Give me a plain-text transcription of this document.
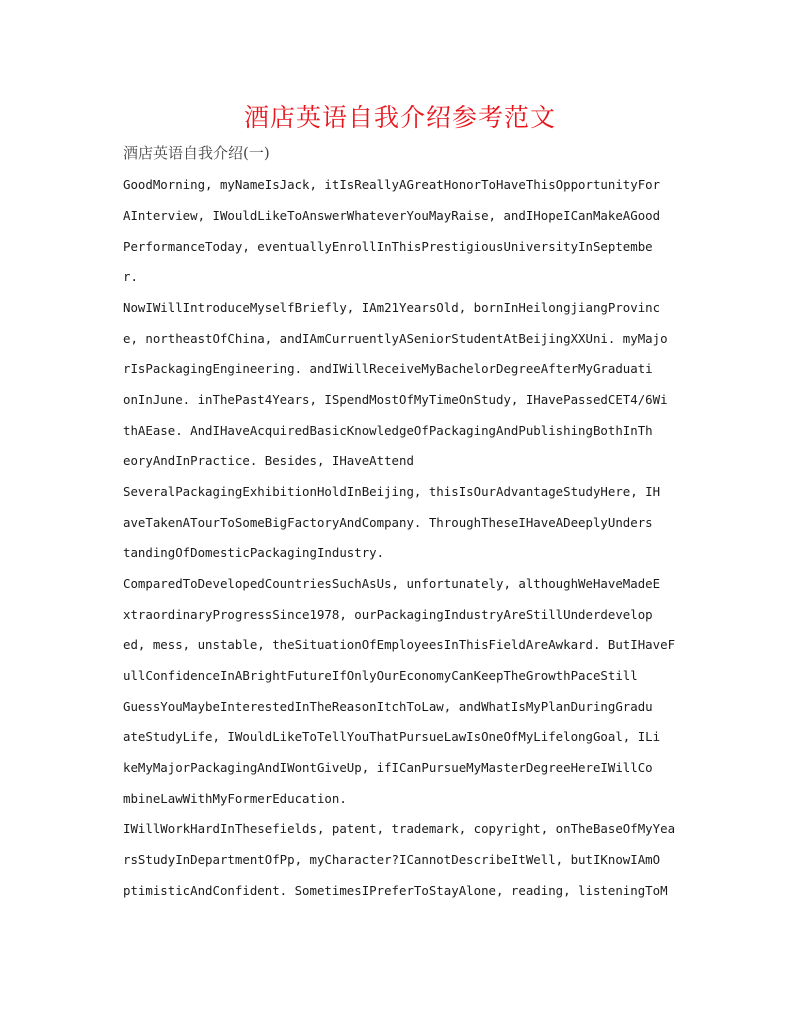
酒店英语自我介绍参考范文
酒店英语自我介绍(一)
GoodMorning, myNameIsJack, itIsReallyAGreatHonorToHaveThisOpportunityFor
AInterview, IWouldLikeToAnswerWhateverYouMayRaise, andIHopeICanMakeAGood
PerformanceToday, eventuallyEnrollInThisPrestigiousUniversityInSeptembe
r.
NowIWillIntroduceMyselfBriefly, IAm21YearsOld, bornInHeilongjiangProvinc
e, northeastOfChina, andIAmCurruentlyASeniorStudentAtBeijingXXUni. myMajo
rIsPackagingEngineering. andIWillReceiveMyBachelorDegreeAfterMyGraduati
onInJune. inThePast4Years, ISpendMostOfMyTimeOnStudy, IHavePassedCET4/6Wi
thAEase. AndIHaveAcquiredBasicKnowledgeOfPackagingAndPublishingBothInTh
eoryAndInPractice. Besides, IHaveAttend
SeveralPackagingExhibitionHoldInBeijing, thisIsOurAdvantageStudyHere, IH
aveTakenATourToSomeBigFactoryAndCompany. ThroughTheseIHaveADeeplyUnders
tandingOfDomesticPackagingIndustry.
ComparedToDevelopedCountriesSuchAsUs, unfortunately, althoughWeHaveMadeE
xtraordinaryProgressSince1978, ourPackagingIndustryAreStillUnderdevelop
ed, mess, unstable, theSituationOfEmployeesInThisFieldAreAwkard. ButIHaveF
ullConfidenceInABrightFutureIfOnlyOurEconomyCanKeepTheGrowthPaceStill
GuessYouMaybeInterestedInTheReasonItchToLaw, andWhatIsMyPlanDuringGradu
ateStudyLife, IWouldLikeToTellYouThatPursueLawIsOneOfMyLifelongGoal, ILi
keMyMajorPackagingAndIWontGiveUp, ifICanPursueMyMasterDegreeHereIWillCo
mbineLawWithMyFormerEducation.
IWillWorkHardInThesefields, patent, trademark, copyright, onTheBaseOfMyYea
rsStudyInDepartmentOfPp, myCharacter?ICannotDescribeItWell, butIKnowIAmO
ptimisticAndConfident. SometimesIPreferToStayAlone, reading, listeningToM
